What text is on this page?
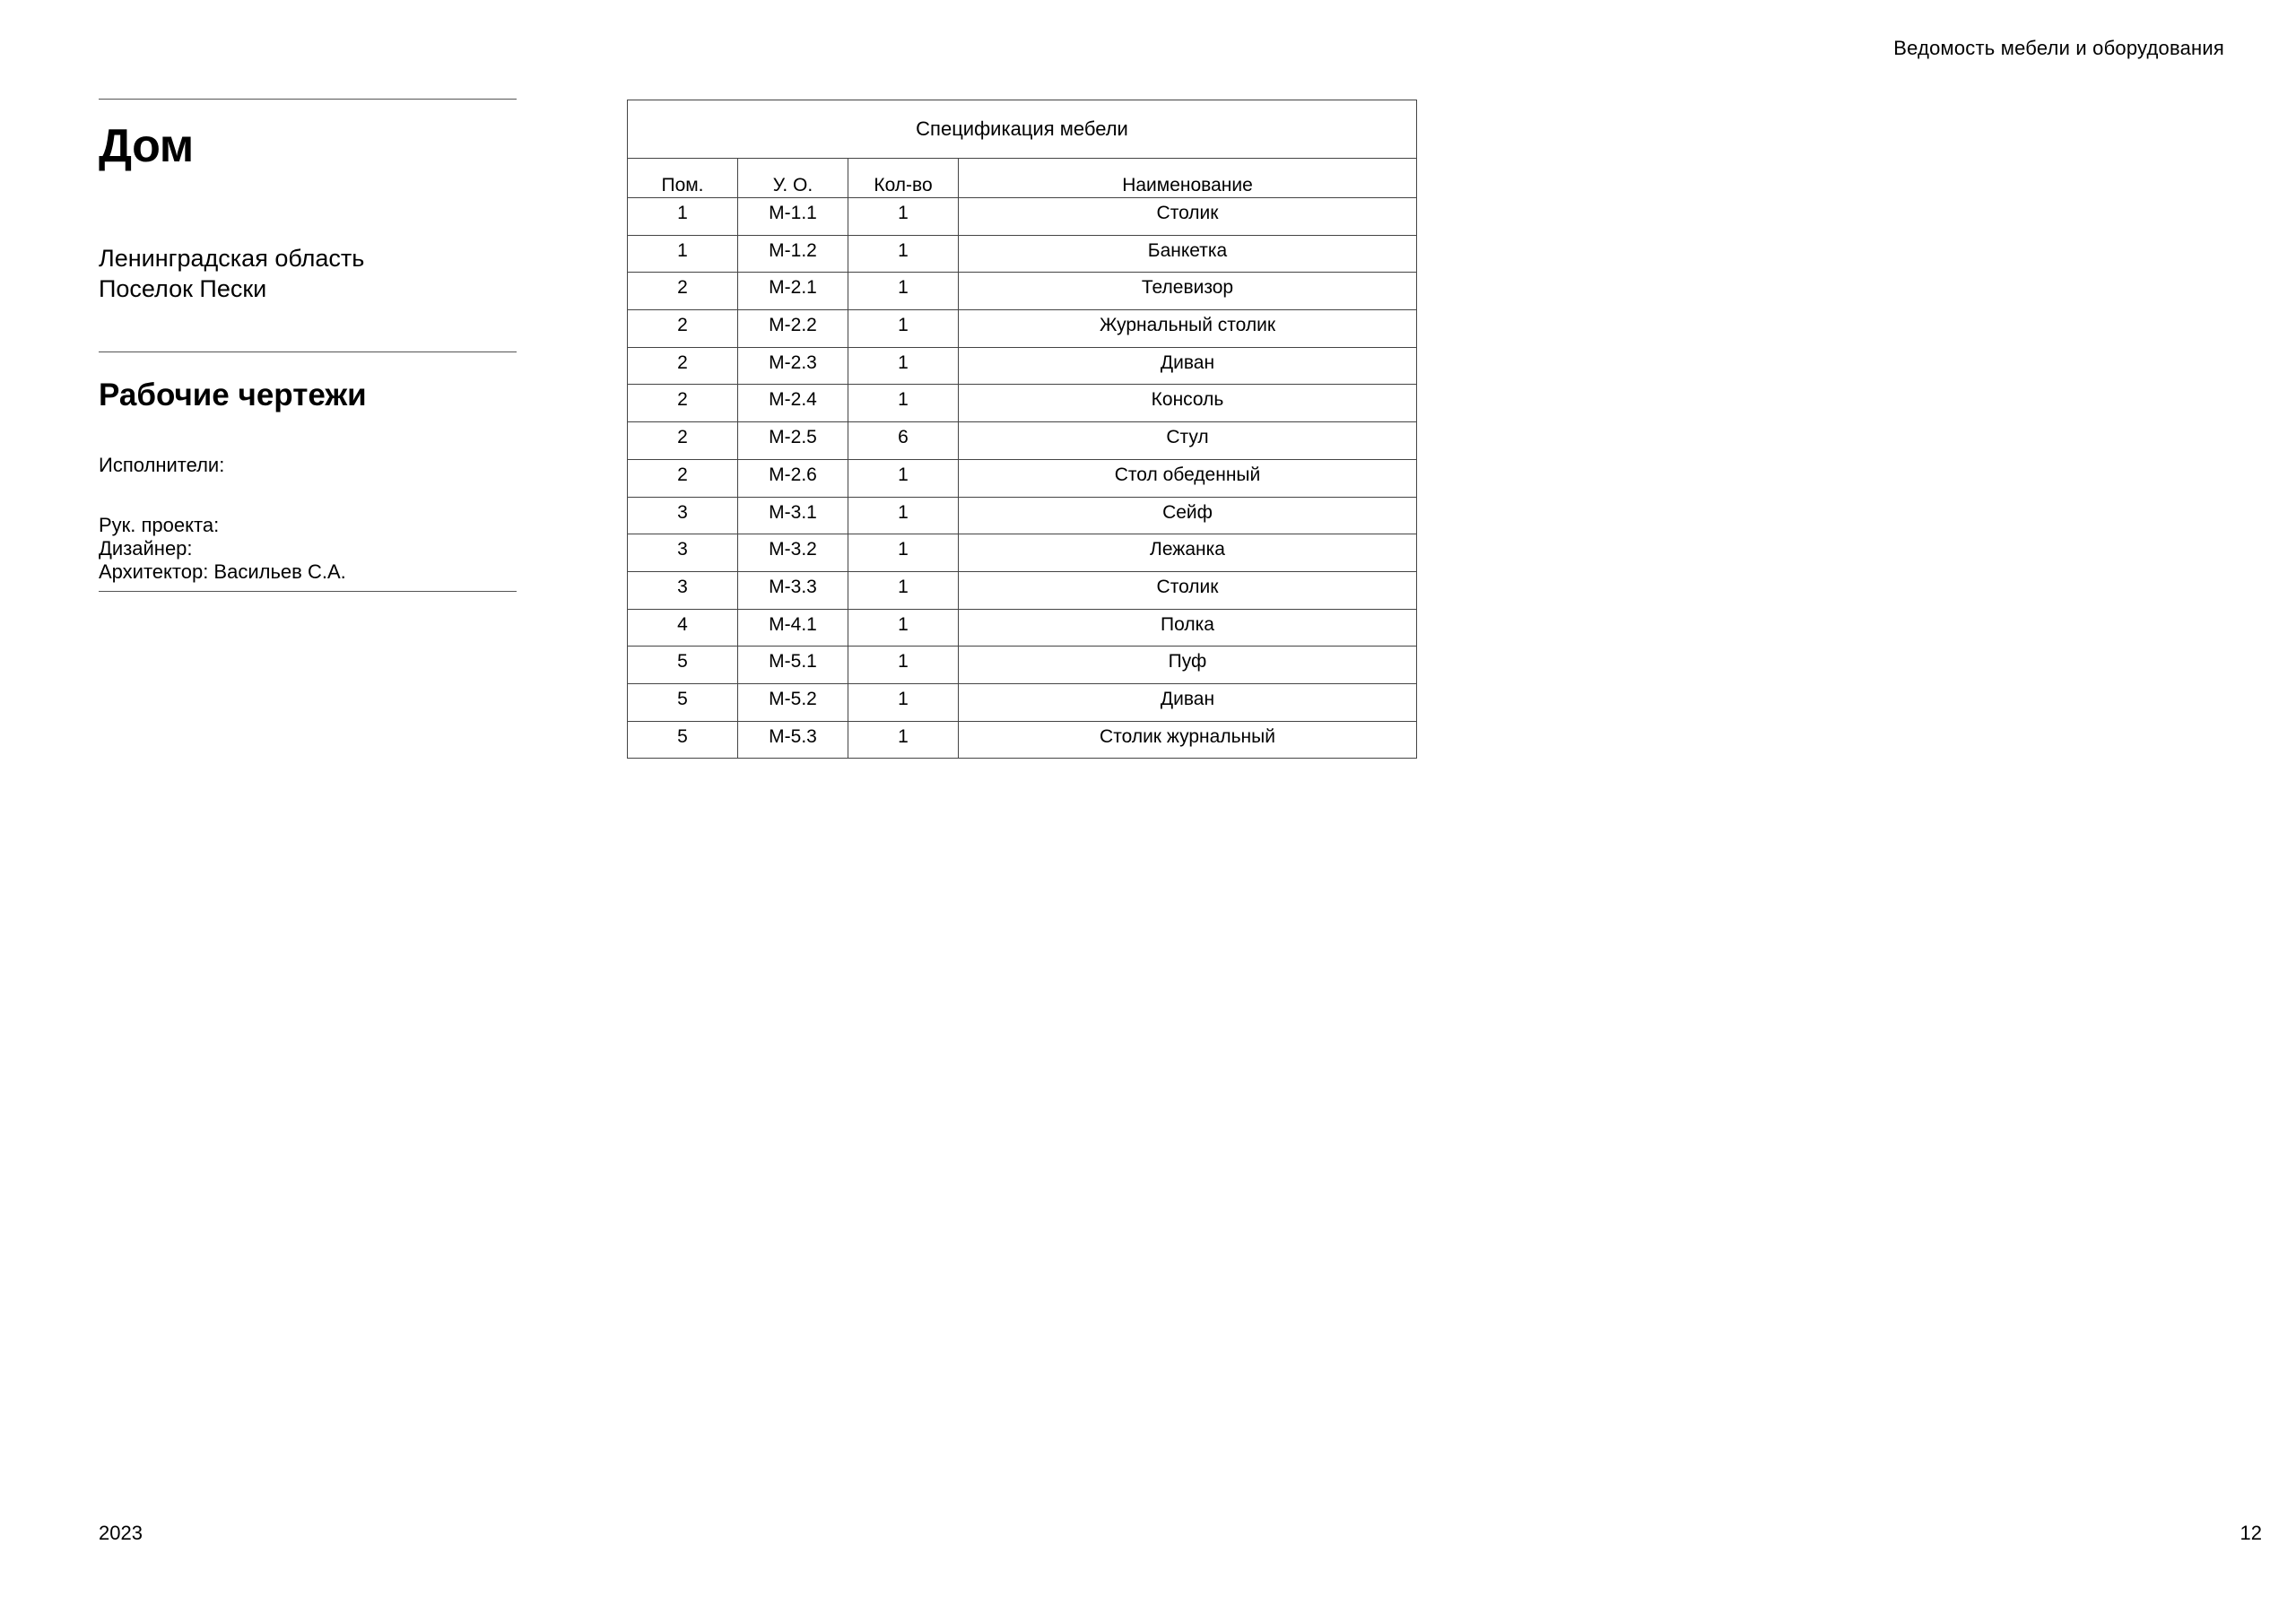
Ведомость мебели и оборудования
Дом
Ленинградская область
Поселок Пески
Рабочие чертежи
Исполнители:
Рук. проекта:
Дизайнер:
Архитектор: Васильев С.А.
Спецификация мебели			
Пом.	У. О.	Кол-во	Наименование
1	М-1.1	1	Столик
1	М-1.2	1	Банкетка
2	М-2.1	1	Телевизор
2	М-2.2	1	Журнальный столик
2	М-2.3	1	Диван
2	М-2.4	1	Консоль
2	М-2.5	6	Стул
2	М-2.6	1	Стол обеденный
3	М-3.1	1	Сейф
3	М-3.2	1	Лежанка
3	М-3.3	1	Столик
4	М-4.1	1	Полка
5	М-5.1	1	Пуф
5	М-5.2	1	Диван
5	М-5.3	1	Столик журнальный
2023	12
